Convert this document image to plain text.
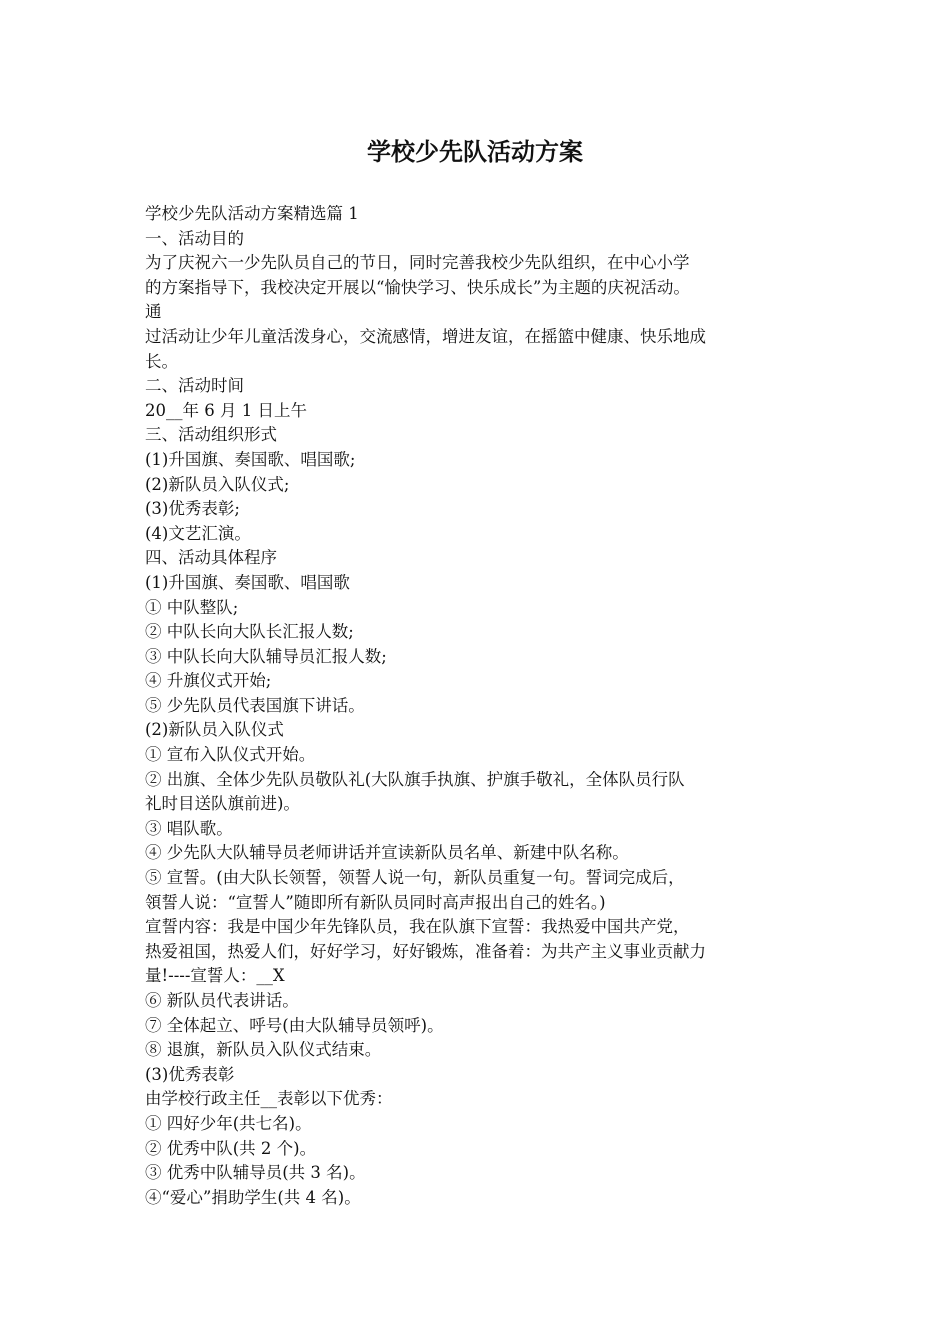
学校少先队活动方案

学校少先队活动方案精选篇 1

一、活动目的

为了庆祝六一少先队员自己的节日，同时完善我校少先队组织，在中心小学

的方案指导下，我校决定开展以“愉快学习、快乐成长”为主题的庆祝活动。

通

过活动让少年儿童活泼身心，交流感情，增进友谊，在摇篮中健康、快乐地成

长。

二、活动时间

20__年 6 月 1 日上午

三、活动组织形式

(1)升国旗、奏国歌、唱国歌;

(2)新队员入队仪式;

(3)优秀表彰;

(4)文艺汇演。

四、活动具体程序

(1)升国旗、奏国歌、唱国歌

① 中队整队;

② 中队长向大队长汇报人数;

③ 中队长向大队辅导员汇报人数;

④ 升旗仪式开始;

⑤ 少先队员代表国旗下讲话。

(2)新队员入队仪式

① 宣布入队仪式开始。

② 出旗、全体少先队员敬队礼(大队旗手执旗、护旗手敬礼，全体队员行队

礼时目送队旗前进)。

③ 唱队歌。

④ 少先队大队辅导员老师讲话并宣读新队员名单、新建中队名称。

⑤ 宣誓。(由大队长领誓，领誓人说一句，新队员重复一句。誓词完成后，

領誓人说：“宣誓人”随即所有新队员同时高声报出自己的姓名。)

宣誓内容：我是中国少年先锋队员，我在队旗下宣誓：我热爱中国共产党，

热爱祖国，热爱人们，好好学习，好好锻炼，准备着：为共产主义事业贡献力

量!----宣誓人：__X

⑥ 新队员代表讲话。

⑦ 全体起立、呼号(由大队辅导员领呼)。

⑧ 退旗，新队员入队仪式结束。

(3)优秀表彰

由学校行政主任__表彰以下优秀：

① 四好少年(共七名)。

② 优秀中队(共 2 个)。

③ 优秀中队辅导员(共 3 名)。

④“爱心”捐助学生(共 4 名)。
